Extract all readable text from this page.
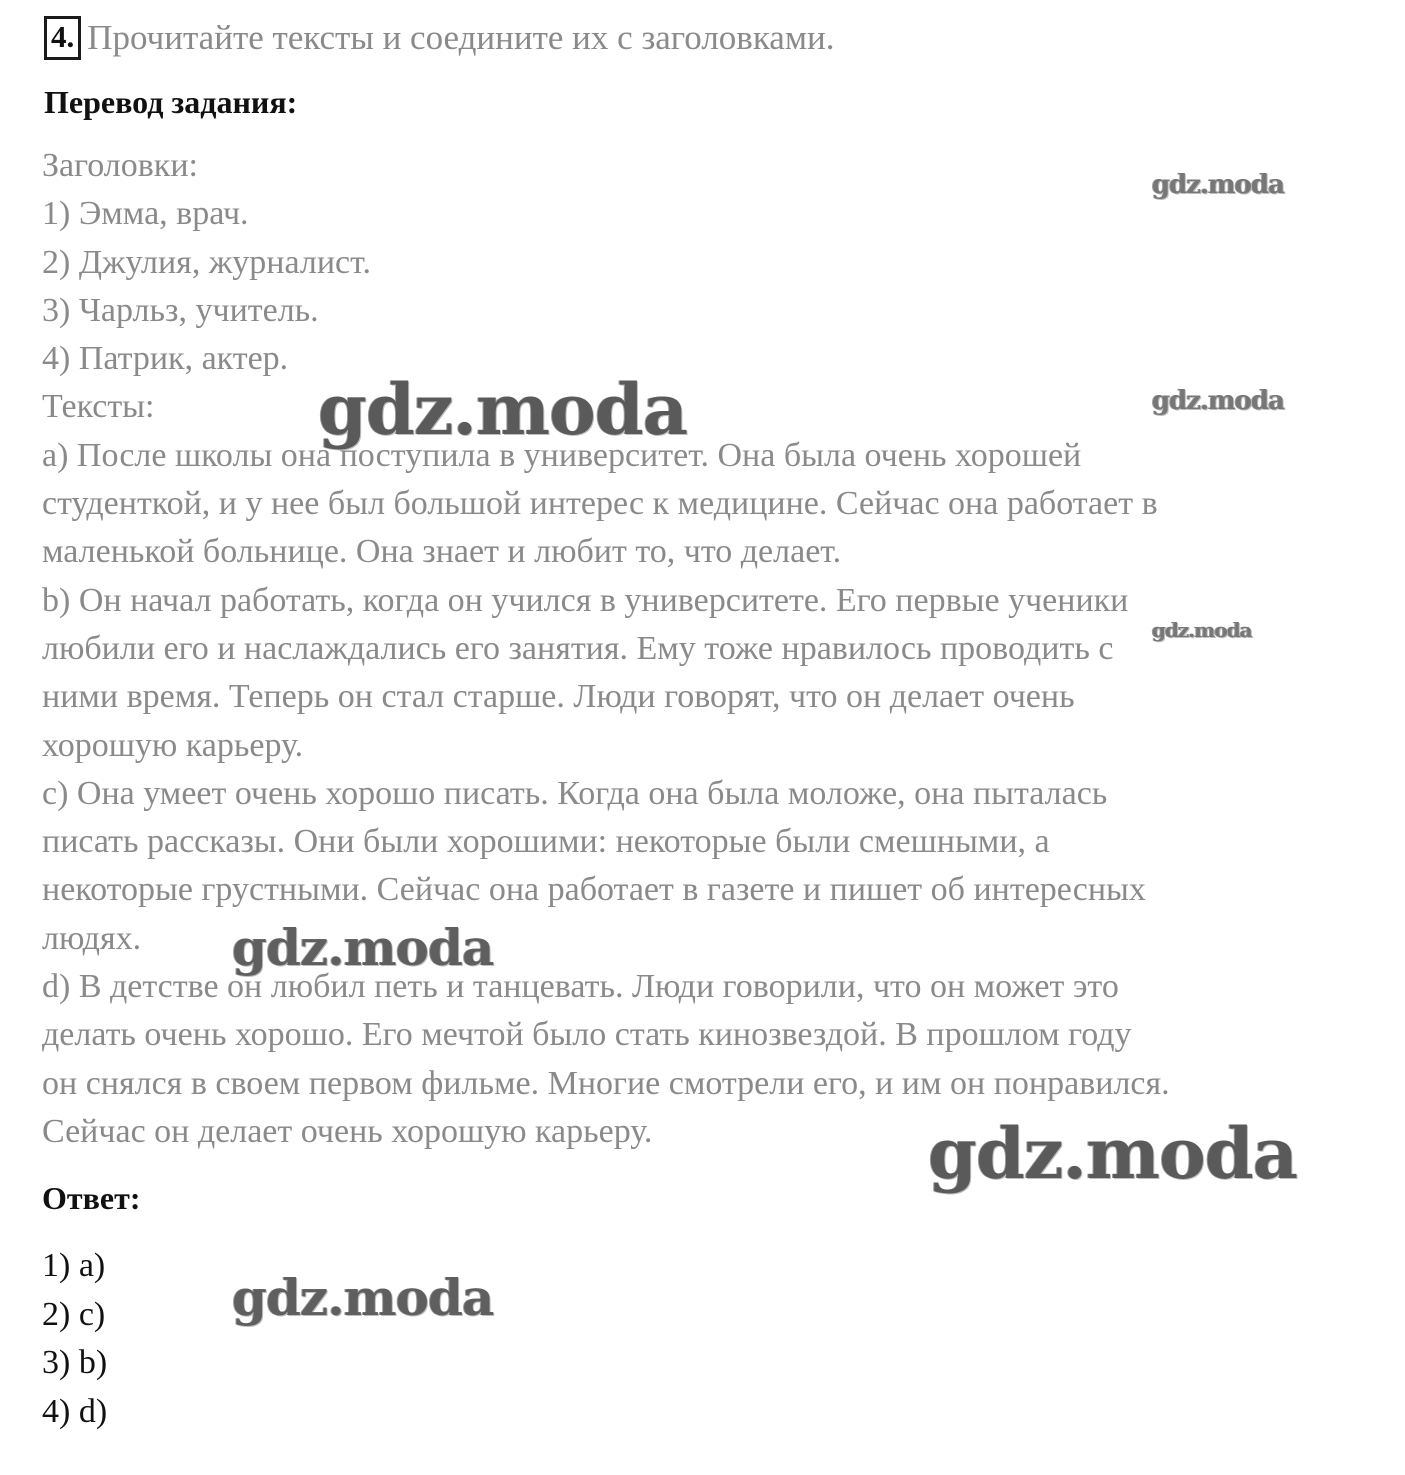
4. Прочитайте тексты и соедините их с заголовками.
Перевод задания:
Заголовки:
1) Эмма, врач.
2) Джулия, журналист.
3) Чарльз, учитель.
4) Патрик, актер.
Тексты:
a) После школы она поступила в университет. Она была очень хорошей
студенткой, и у нее был большой интерес к медицине. Сейчас она работает в
маленькой больнице. Она знает и любит то, что делает.
b) Он начал работать, когда он учился в университете. Его первые ученики
любили его и наслаждались его занятия. Ему тоже нравилось проводить с
ними время. Теперь он стал старше. Люди говорят, что он делает очень
хорошую карьеру.
c) Она умеет очень хорошо писать. Когда она была моложе, она пыталась
писать рассказы. Они были хорошими: некоторые были смешными, а
некоторые грустными. Сейчас она работает в газете и пишет об интересных
людях.
d) В детстве он любил петь и танцевать. Люди говорили, что он может это
делать очень хорошо. Его мечтой было стать кинозвездой. В прошлом году
он снялся в своем первом фильме. Многие смотрели его, и им он понравился.
Сейчас он делает очень хорошую карьеру.
Ответ:
1) a)
2) c)
3) b)
4) d)
gdz.moda
gdz.moda	gdz.moda
gdz.moda
gdz.moda
gdz.moda
gdz.moda
